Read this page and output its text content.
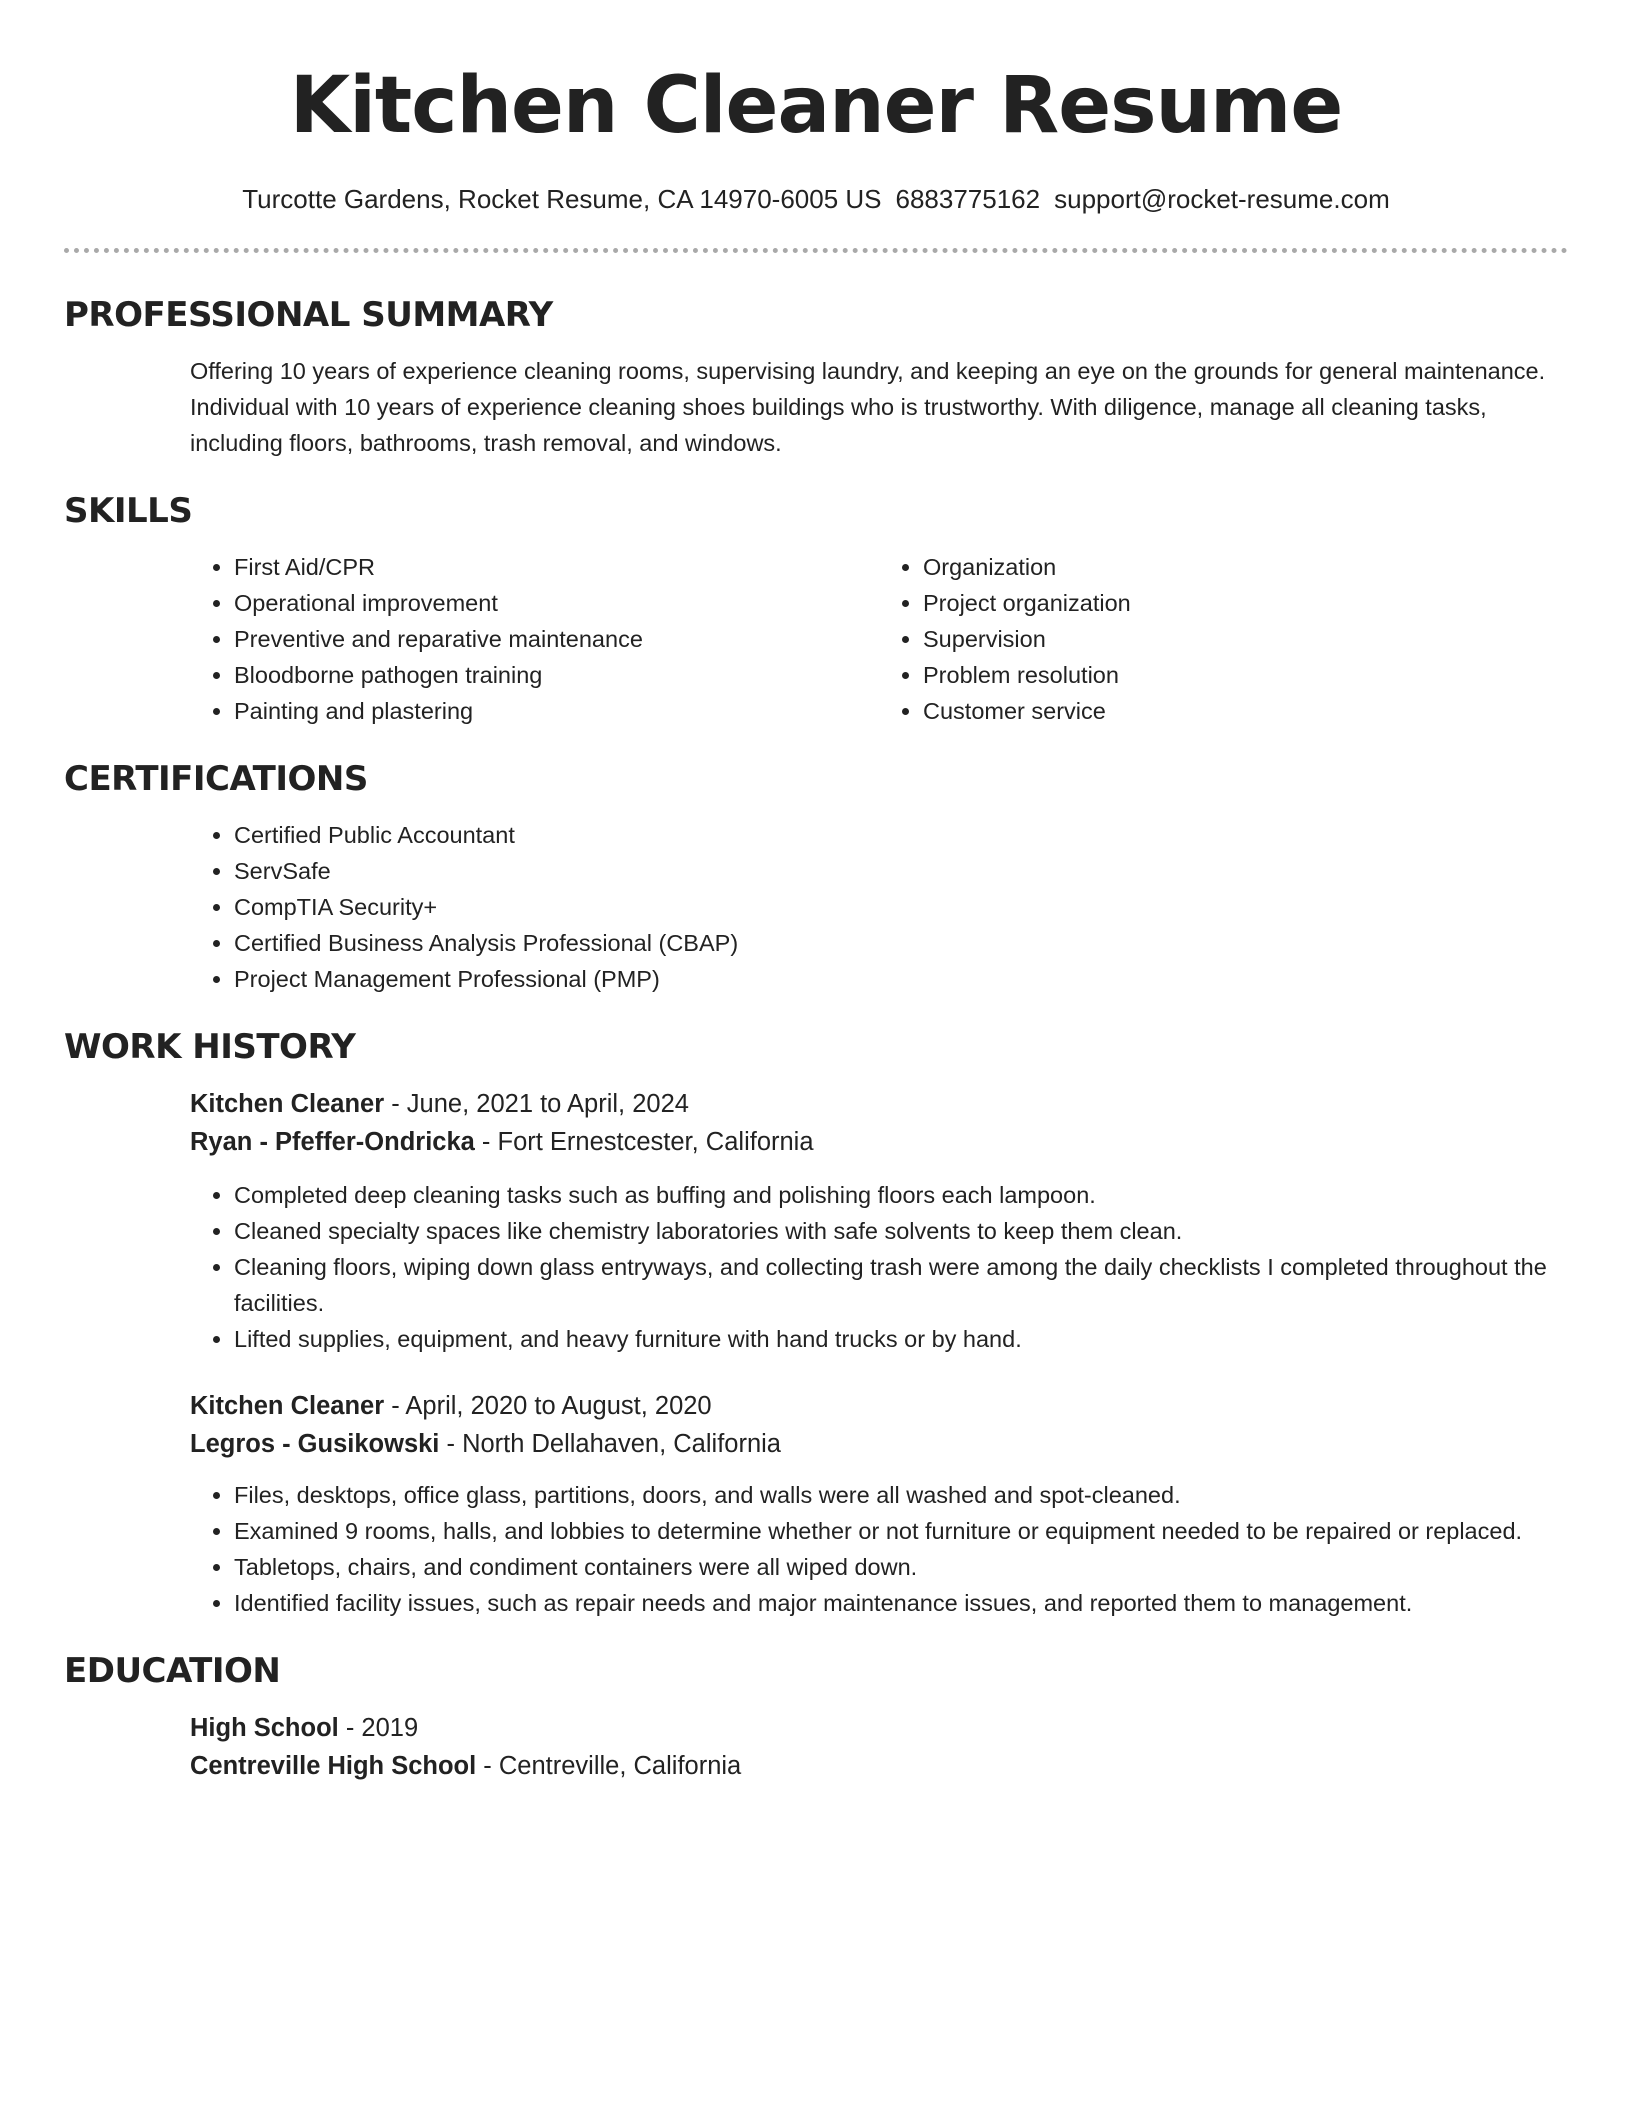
Kitchen Cleaner Resume
Turcotte Gardens, Rocket Resume, CA 14970-6005 US 6883775162 support@rocket-resume.com
PROFESSIONAL SUMMARY

Offering 10 years of experience cleaning rooms, supervising laundry, and keeping an eye on the grounds for general maintenance. Individual with 10 years of experience cleaning shoes buildings who is trustworthy. With diligence, manage all cleaning tasks, including floors, bathrooms, trash removal, and windows.

SKILLS
• First Aid/CPR
• Operational improvement
• Preventive and reparative maintenance
• Bloodborne pathogen training
• Painting and plastering
• Organization
• Project organization
• Supervision
• Problem resolution
• Customer service
CERTIFICATIONS
• Certified Public Accountant
• ServSafe
• CompTIA Security+
• Certified Business Analysis Professional (CBAP)
• Project Management Professional (PMP)
WORK HISTORY
Kitchen Cleaner - June, 2021 to April, 2024
Ryan - Pfeffer-Ondricka - Fort Ernestcester, California
• Completed deep cleaning tasks such as buffing and polishing floors each lampoon.
• Cleaned specialty spaces like chemistry laboratories with safe solvents to keep them clean.
• Cleaning floors, wiping down glass entryways, and collecting trash were among the daily checklists I completed throughout the facilities.
• Lifted supplies, equipment, and heavy furniture with hand trucks or by hand.
Kitchen Cleaner - April, 2020 to August, 2020
Legros - Gusikowski - North Dellahaven, California
• Files, desktops, office glass, partitions, doors, and walls were all washed and spot-cleaned.
• Examined 9 rooms, halls, and lobbies to determine whether or not furniture or equipment needed to be repaired or replaced.
• Tabletops, chairs, and condiment containers were all wiped down.
• Identified facility issues, such as repair needs and major maintenance issues, and reported them to management.
EDUCATION
High School - 2019
Centreville High School - Centreville, California
